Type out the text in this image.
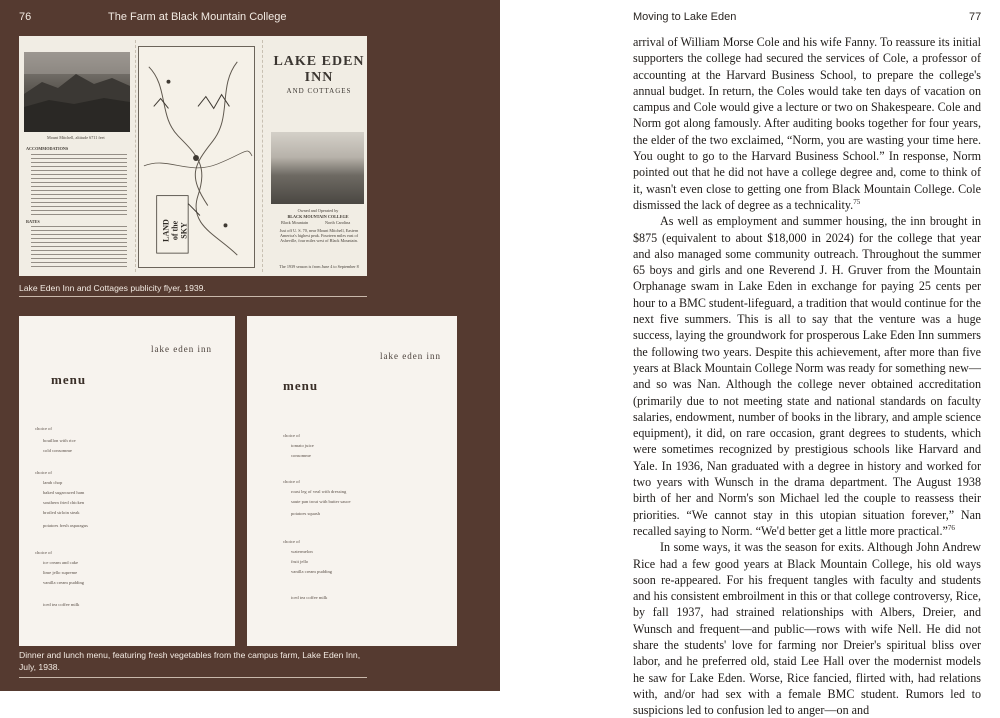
76	The Farm at Black Mountain College
Mount Mitchell, altitude 6711 feet
ACCOMMODATIONS
RATES	LAND of the SKY
LAKE EDEN
INN
AND COTTAGES
Owned and Operated by
BLACK MOUNTAIN COLLEGE
Black Mountain	North Carolina
Just off U. S. 70, near Mount Mitchell, Eastern America's highest peak. Fourteen miles east of Asheville, four miles west of Black Mountain.
The 1939 season is from June 4 to September 8
Lake Eden Inn and Cottages publicity flyer, 1939.
lake eden inn
menu
choice of
bouillon with rice
cold consomme
choice of
lamb chop
baked sugarcured ham
southern fried chicken
broiled sirloin steak
potatoes fresh asparagus
choice of
ice cream and cake
lime jello supreme
vanilla cream pudding
iced tea coffee milk
lake eden inn
menu
choice of
tomato juice
consomme
choice of
roast leg of veal with dressing
saute pan trout with butter sauce
potatoes squash
choice of
watermelon
fruit jello
vanilla cream pudding
iced tea coffee milk
Dinner and lunch menu, featuring fresh vegetables from the campus farm, Lake Eden Inn, July, 1938.
Moving to Lake Eden	77

arrival of William Morse Cole and his wife Fanny. To reassure its initial supporters the college had secured the services of Cole, a professor of accounting at the Harvard Business School, to prepare the college's annual budget. In return, the Coles would take ten days of vacation on campus and Cole would give a lecture or two on Shakespeare. Cole and Norm got along famously. After auditing books together for four years, the elder of the two exclaimed, “Norm, you are wasting your time here. You ought to go to the Harvard Business School.” In response, Norm pointed out that he did not have a college degree and, come to think of it, wasn't even close to getting one from Black Mountain College. Cole dismissed the lack of degree as a technicality.$^{75}$

As well as employment and summer housing, the inn brought in $875 (equivalent to about $18,000 in 2024) for the college that year and also managed some community outreach. Throughout the summer 65 boys and girls and one Reverend J. H. Gruver from the Mountain Orphanage swam in Lake Eden in exchange for paying 25 cents per hour to a BMC student-lifeguard, a tradition that would continue for the next five summers. This is all to say that the venture was a huge success, laying the groundwork for prosperous Lake Eden Inn summers the following two years. Despite this achievement, after more than five years at Black Mountain College Norm was ready for something new—and so was Nan. Although the college never obtained accreditation (primarily due to not meeting state and national standards on faculty salaries, endowment, number of books in the library, and ample science equipment), it did, on rare occasion, grant degrees to students, which were sometimes recognized by prestigious schools like Harvard and Yale. In 1936, Nan graduated with a degree in history and worked for two years with Wunsch in the drama department. The August 1938 birth of her and Norm's son Michael led the couple to reassess their priorities. “We cannot stay in this utopian situation forever,” Nan recalled saying to Norm. “We'd better get a little more practical.”$^{76}$

In some ways, it was the season for exits. Although John Andrew Rice had a few good years at Black Mountain College, his old ways soon re-appeared. For his frequent tangles with faculty and students and his consistent embroilment in this or that college controversy, Rice, by fall 1937, had strained relationships with Albers, Dreier, and Wunsch and frequent—and public—rows with wife Nell. He did not share the students' love for farming nor Dreier's spiritual bliss over labor, and he preferred old, staid Lee Hall over the modernist models he saw for Lake Eden. Worse, Rice fancied, flirted with, had relations with, and/or had sex with a female BMC student. Rumors led to suspicions led to confusion led to anger—on and
